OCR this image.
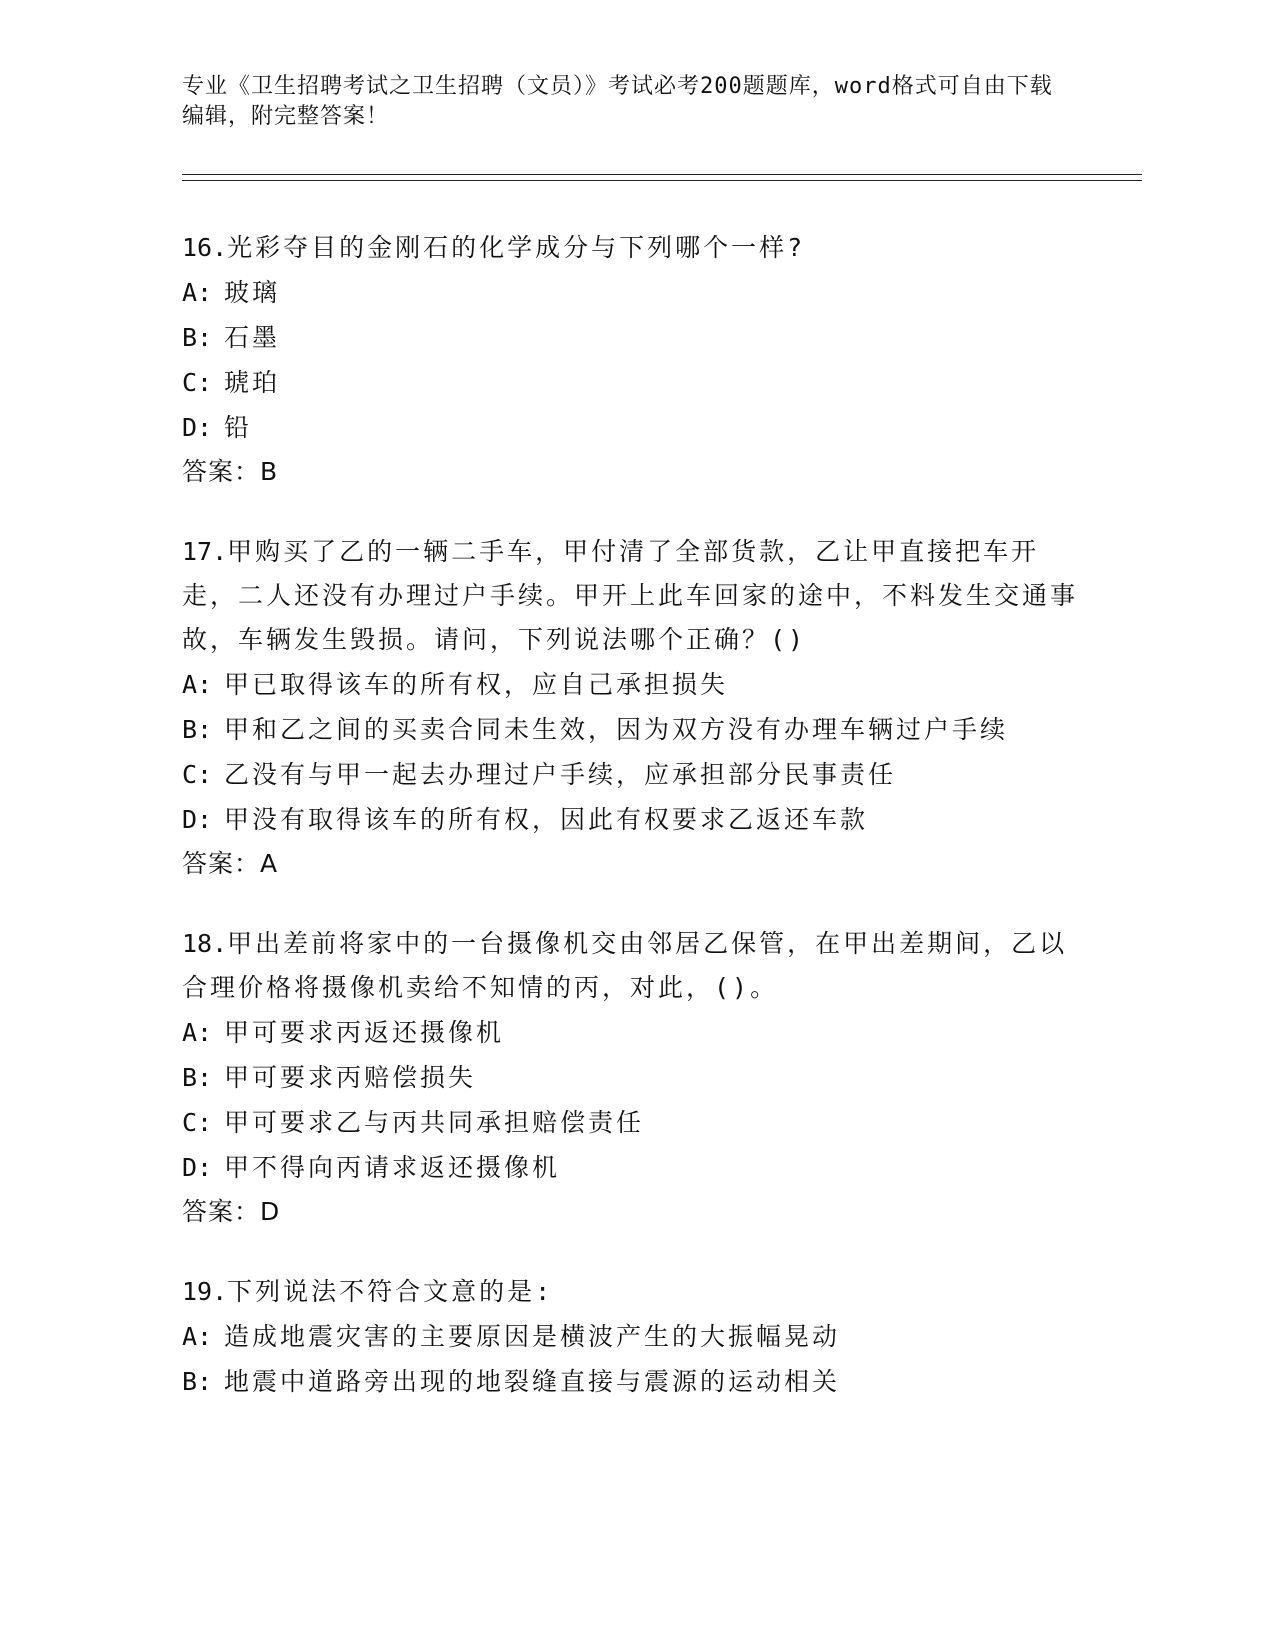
专业《卫生招聘考试之卫生招聘（文员）》考试必考200题题库，word格式可自由下载编辑，附完整答案！

16.光彩夺目的金刚石的化学成分与下列哪个一样?

A: 玻璃
B: 石墨
C: 琥珀
D: 铅
答案：B

17.甲购买了乙的一辆二手车，甲付清了全部货款，乙让甲直接把车开走，二人还没有办理过户手续。甲开上此车回家的途中，不料发生交通事故，车辆发生毁损。请问，下列说法哪个正确？()

A: 甲已取得该车的所有权，应自己承担损失
B: 甲和乙之间的买卖合同未生效，因为双方没有办理车辆过户手续
C: 乙没有与甲一起去办理过户手续，应承担部分民事责任
D: 甲没有取得该车的所有权，因此有权要求乙返还车款
答案：A

18.甲出差前将家中的一台摄像机交由邻居乙保管，在甲出差期间，乙以合理价格将摄像机卖给不知情的丙，对此，()。

A: 甲可要求丙返还摄像机
B: 甲可要求丙赔偿损失
C: 甲可要求乙与丙共同承担赔偿责任
D: 甲不得向丙请求返还摄像机
答案：D

19.下列说法不符合文意的是:

A: 造成地震灾害的主要原因是横波产生的大振幅晃动
B: 地震中道路旁出现的地裂缝直接与震源的运动相关
